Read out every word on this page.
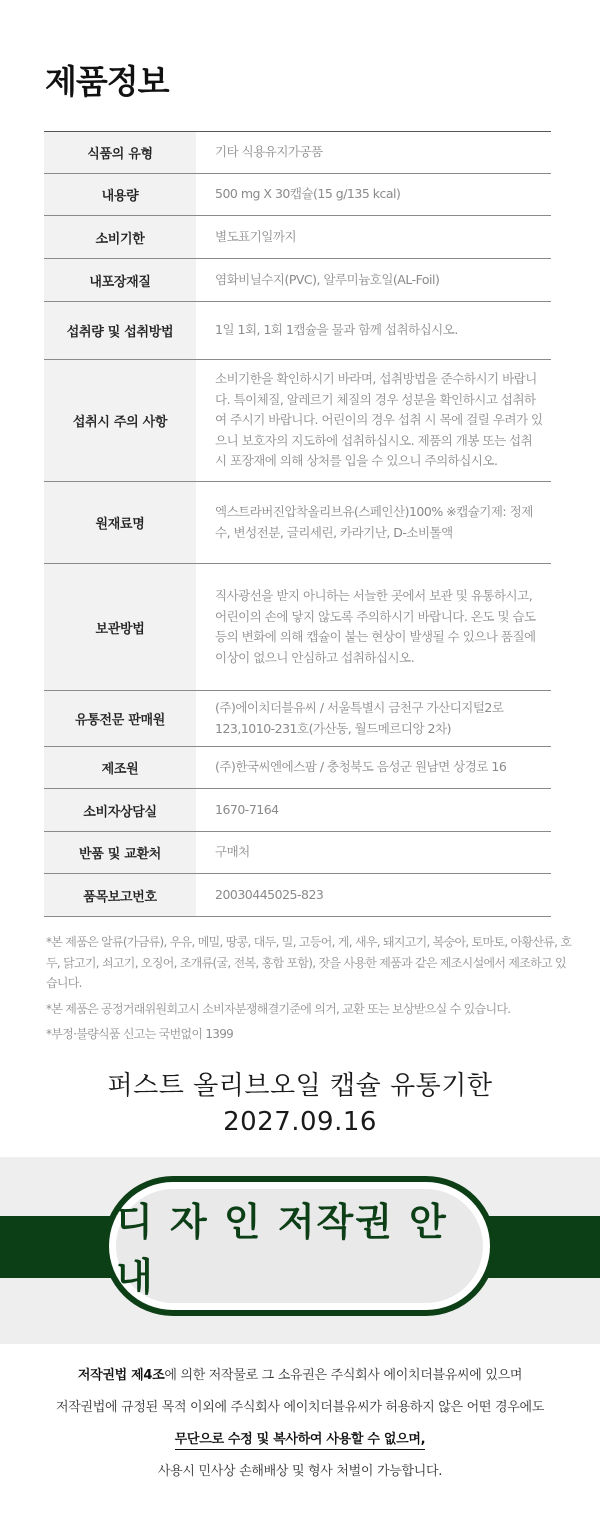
제품정보
식품의 유형	기타 식용유지가공품
내용량	500 mg X 30캡슐(15 g/135 kcal)
소비기한	별도표기일까지
내포장재질	염화비닐수지(PVC), 알루미늄호일(AL-Foil)
섭취량 및 섭취방법	1일 1회, 1회 1캡슐을 물과 함께 섭취하십시오.
섭취시 주의 사항	소비기한을 확인하시기 바라며, 섭취방법을 준수하시기 바랍니다. 특이체질, 알레르기 체질의 경우 성분을 확인하시고 섭취하여 주시기 바랍니다. 어린이의 경우 섭취 시 목에 걸릴 우려가 있으니 보호자의 지도하에 섭취하십시오. 제품의 개봉 또는 섭취 시 포장재에 의해 상처를 입을 수 있으니 주의하십시오.
원재료명	엑스트라버진압착올리브유(스페인산)100% ※캡슐기제: 정제수, 변성전분, 글리세린, 카라기난, D-소비톨액
보관방법	직사광선을 받지 아니하는 서늘한 곳에서 보관 및 유통하시고, 어린이의 손에 닿지 않도록 주의하시기 바랍니다. 온도 및 습도 등의 변화에 의해 캡슐이 붙는 현상이 발생될 수 있으나 품질에 이상이 없으니 안심하고 섭취하십시오.
유통전문 판매원	(주)에이치더블유씨 / 서울특별시 금천구 가산디지털2로 123,1010-231호(가산동, 월드메르디앙 2차)
제조원	(주)한국씨엔에스팜 / 충청북도 음성군 원남면 상경로 16
소비자상담실	1670-7164
반품 및 교환처	구매처
품목보고번호	20030445025-823

*본 제품은 알류(가금류), 우유, 메밀, 땅콩, 대두, 밀, 고등어, 게, 새우, 돼지고기, 복숭아, 토마토, 아황산류, 호두, 닭고기, 쇠고기, 오징어, 조개류(굴, 전복, 홍합 포함), 잣을 사용한 제품과 같은 제조시설에서 제조하고 있습니다.

*본 제품은 공정거래위원회고시 소비자분쟁해결기준에 의거, 교환 또는 보상받으실 수 있습니다.

*부정·불량식품 신고는 국번없이 1399

퍼스트 올리브오일 캡슐 유통기한
2027.09.16
디 자 인 저작권 안내

저작권법 제4조에 의한 저작물로 그 소유권은 주식회사 에이치더블유씨에 있으며

저작권법에 규정된 목적 이외에 주식회사 에이치더블유씨가 허용하지 않은 어떤 경우에도

무단으로 수정 및 복사하여 사용할 수 없으며,

사용시 민사상 손해배상 및 형사 처벌이 가능합니다.
